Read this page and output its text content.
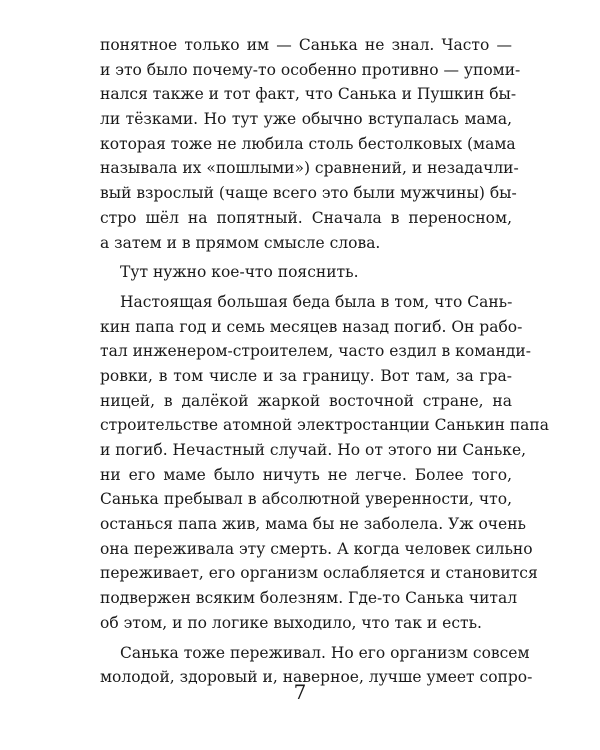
понятное только им — Санька не знал. Часто —
и это было почему-то особенно противно — упоми-
нался также и тот факт, что Санька и Пушкин бы-
ли тёзками. Но тут уже обычно вступалась мама,
которая тоже не любила столь бестолковых (мама
называла их «пошлыми») сравнений, и незадачли-
вый взрослый (чаще всего это были мужчины) бы-
стро шёл на попятный. Сначала в переносном,
а затем и в прямом смысле слова.
Тут нужно кое-что пояснить.
Настоящая большая беда была в том, что Сань-
кин папа год и семь месяцев назад погиб. Он рабо-
тал инженером-строителем, часто ездил в команди-
ровки, в том числе и за границу. Вот там, за гра-
ницей, в далёкой жаркой восточной стране, на
строительстве атомной электростанции Санькин папа
и погиб. Нечастный случай. Но от этого ни Саньке,
ни его маме было ничуть не легче. Более того,
Санька пребывал в абсолютной уверенности, что,
останься папа жив, мама бы не заболела. Уж очень
она переживала эту смерть. А когда человек сильно
переживает, его организм ослабляется и становится
подвержен всяким болезням. Где-то Санька читал
об этом, и по логике выходило, что так и есть.
Санька тоже переживал. Но его организм совсем
молодой, здоровый и, наверное, лучше умеет сопро-
7
